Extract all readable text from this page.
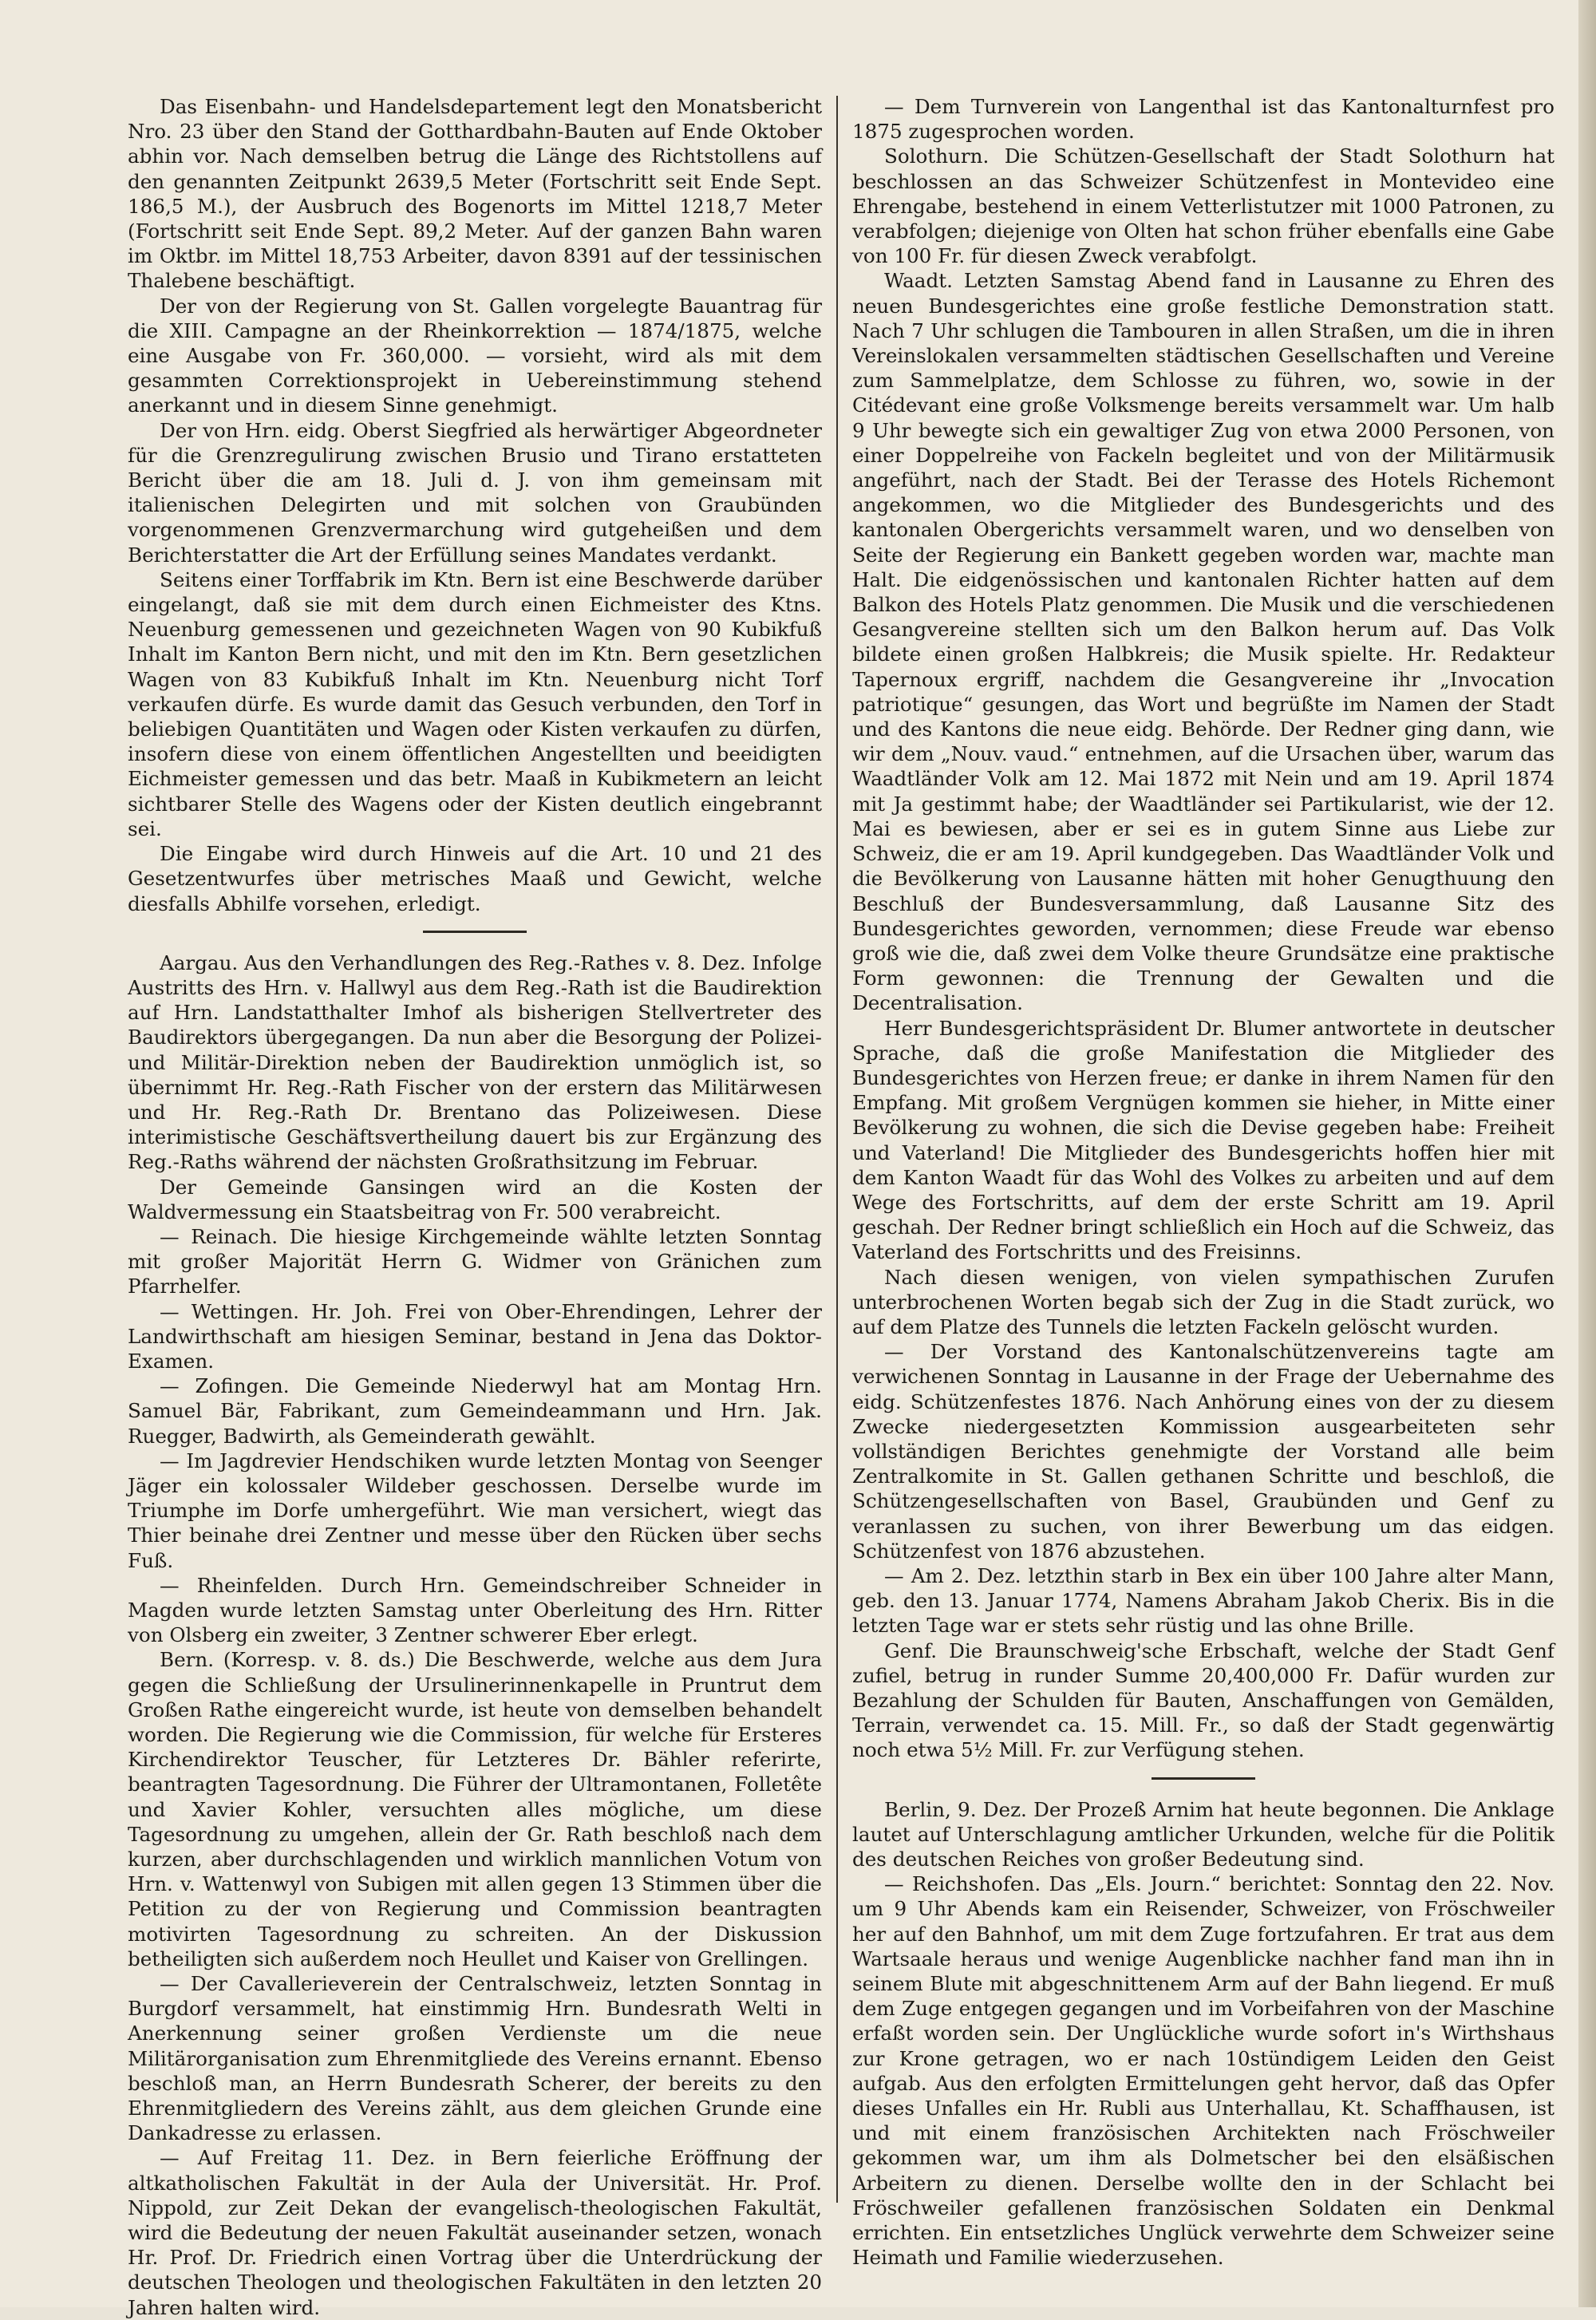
Das Eisenbahn- und Handelsdepartement legt den Monatsbericht Nro. 23 über den Stand der Gotthardbahn-Bauten auf Ende Oktober abhin vor. Nach demselben betrug die Länge des Richtstollens auf den genannten Zeitpunkt 2639,5 Meter (Fortschritt seit Ende Sept. 186,5 M.), der Ausbruch des Bogenorts im Mittel 1218,7 Meter (Fortschritt seit Ende Sept. 89,2 Meter. Auf der ganzen Bahn waren im Oktbr. im Mittel 18,753 Arbeiter, davon 8391 auf der tessinischen Thalebene beschäftigt.

Der von der Regierung von St. Gallen vorgelegte Bauantrag für die XIII. Campagne an der Rheinkorrektion — 1874/1875, welche eine Ausgabe von Fr. 360,000. — vorsieht, wird als mit dem gesammten Correktionsprojekt in Uebereinstimmung stehend anerkannt und in diesem Sinne genehmigt.

Der von Hrn. eidg. Oberst Siegfried als herwärtiger Abgeordneter für die Grenzregulirung zwischen Brusio und Tirano erstatteten Bericht über die am 18. Juli d. J. von ihm gemeinsam mit italienischen Delegirten und mit solchen von Graubünden vorgenommenen Grenzvermarchung wird gutgeheißen und dem Berichterstatter die Art der Erfüllung seines Mandates verdankt.

Seitens einer Torffabrik im Ktn. Bern ist eine Beschwerde darüber eingelangt, daß sie mit dem durch einen Eichmeister des Ktns. Neuenburg gemessenen und gezeichneten Wagen von 90 Kubikfuß Inhalt im Kanton Bern nicht, und mit den im Ktn. Bern gesetzlichen Wagen von 83 Kubikfuß Inhalt im Ktn. Neuenburg nicht Torf verkaufen dürfe. Es wurde damit das Gesuch verbunden, den Torf in beliebigen Quantitäten und Wagen oder Kisten verkaufen zu dürfen, insofern diese von einem öffentlichen Angestellten und beeidigten Eichmeister gemessen und das betr. Maaß in Kubikmetern an leicht sichtbarer Stelle des Wagens oder der Kisten deutlich eingebrannt sei.

Die Eingabe wird durch Hinweis auf die Art. 10 und 21 des Gesetzentwurfes über metrisches Maaß und Gewicht, welche diesfalls Abhilfe vorsehen, erledigt.

Aargau. Aus den Verhandlungen des Reg.-Rathes v. 8. Dez. Infolge Austritts des Hrn. v. Hallwyl aus dem Reg.-Rath ist die Baudirektion auf Hrn. Landstatthalter Imhof als bisherigen Stellvertreter des Baudirektors übergegangen. Da nun aber die Besorgung der Polizei- und Militär-Direktion neben der Baudirektion unmöglich ist, so übernimmt Hr. Reg.-Rath Fischer von der erstern das Militärwesen und Hr. Reg.-Rath Dr. Brentano das Polizeiwesen. Diese interimistische Geschäftsvertheilung dauert bis zur Ergänzung des Reg.-Raths während der nächsten Großrathsitzung im Februar.

Der Gemeinde Gansingen wird an die Kosten der Waldvermessung ein Staatsbeitrag von Fr. 500 verabreicht.

— Reinach. Die hiesige Kirchgemeinde wählte letzten Sonntag mit großer Majorität Herrn G. Widmer von Gränichen zum Pfarrhelfer.

— Wettingen. Hr. Joh. Frei von Ober-Ehrendingen, Lehrer der Landwirthschaft am hiesigen Seminar, bestand in Jena das Doktor-Examen.

— Zofingen. Die Gemeinde Niederwyl hat am Montag Hrn. Samuel Bär, Fabrikant, zum Gemeindeammann und Hrn. Jak. Ruegger, Badwirth, als Gemeinderath gewählt.

— Im Jagdrevier Hendschiken wurde letzten Montag von Seenger Jäger ein kolossaler Wildeber geschossen. Derselbe wurde im Triumphe im Dorfe umhergeführt. Wie man versichert, wiegt das Thier beinahe drei Zentner und messe über den Rücken über sechs Fuß.

— Rheinfelden. Durch Hrn. Gemeindschreiber Schneider in Magden wurde letzten Samstag unter Oberleitung des Hrn. Ritter von Olsberg ein zweiter, 3 Zentner schwerer Eber erlegt.

Bern. (Korresp. v. 8. ds.) Die Beschwerde, welche aus dem Jura gegen die Schließung der Ursulinerinnenkapelle in Pruntrut dem Großen Rathe eingereicht wurde, ist heute von demselben behandelt worden. Die Regierung wie die Commission, für welche für Ersteres Kirchendirektor Teuscher, für Letzteres Dr. Bähler referirte, beantragten Tagesordnung. Die Führer der Ultramontanen, Folletête und Xavier Kohler, versuchten alles mögliche, um diese Tagesordnung zu umgehen, allein der Gr. Rath beschloß nach dem kurzen, aber durchschlagenden und wirklich mannlichen Votum von Hrn. v. Wattenwyl von Subigen mit allen gegen 13 Stimmen über die Petition zu der von Regierung und Commission beantragten motivirten Tagesordnung zu schreiten. An der Diskussion betheiligten sich außerdem noch Heullet und Kaiser von Grellingen.

— Der Cavallerieverein der Centralschweiz, letzten Sonntag in Burgdorf versammelt, hat einstimmig Hrn. Bundesrath Welti in Anerkennung seiner großen Verdienste um die neue Militärorganisation zum Ehrenmitgliede des Vereins ernannt. Ebenso beschloß man, an Herrn Bundesrath Scherer, der bereits zu den Ehrenmitgliedern des Vereins zählt, aus dem gleichen Grunde eine Dankadresse zu erlassen.

— Auf Freitag 11. Dez. in Bern feierliche Eröffnung der altkatholischen Fakultät in der Aula der Universität. Hr. Prof. Nippold, zur Zeit Dekan der evangelisch-theologischen Fakultät, wird die Bedeutung der neuen Fakultät auseinander setzen, wonach Hr. Prof. Dr. Friedrich einen Vortrag über die Unterdrückung der deutschen Theologen und theologischen Fakultäten in den letzten 20 Jahren halten wird.

— Dem Turnverein von Langenthal ist das Kantonalturnfest pro 1875 zugesprochen worden.

Solothurn. Die Schützen-Gesellschaft der Stadt Solothurn hat beschlossen an das Schweizer Schützenfest in Montevideo eine Ehrengabe, bestehend in einem Vetterlistutzer mit 1000 Patronen, zu verabfolgen; diejenige von Olten hat schon früher ebenfalls eine Gabe von 100 Fr. für diesen Zweck verabfolgt.

Waadt. Letzten Samstag Abend fand in Lausanne zu Ehren des neuen Bundesgerichtes eine große festliche Demonstration statt. Nach 7 Uhr schlugen die Tambouren in allen Straßen, um die in ihren Vereinslokalen versammelten städtischen Gesellschaften und Vereine zum Sammelplatze, dem Schlosse zu führen, wo, sowie in der Citédevant eine große Volksmenge bereits versammelt war. Um halb 9 Uhr bewegte sich ein gewaltiger Zug von etwa 2000 Personen, von einer Doppelreihe von Fackeln begleitet und von der Militärmusik angeführt, nach der Stadt. Bei der Terasse des Hotels Richemont angekommen, wo die Mitglieder des Bundesgerichts und des kantonalen Obergerichts versammelt waren, und wo denselben von Seite der Regierung ein Bankett gegeben worden war, machte man Halt. Die eidgenössischen und kantonalen Richter hatten auf dem Balkon des Hotels Platz genommen. Die Musik und die verschiedenen Gesangvereine stellten sich um den Balkon herum auf. Das Volk bildete einen großen Halbkreis; die Musik spielte. Hr. Redakteur Tapernoux ergriff, nachdem die Gesangvereine ihr „Invocation patriotique“ gesungen, das Wort und begrüßte im Namen der Stadt und des Kantons die neue eidg. Behörde. Der Redner ging dann, wie wir dem „Nouv. vaud.“ entnehmen, auf die Ursachen über, warum das Waadtländer Volk am 12. Mai 1872 mit Nein und am 19. April 1874 mit Ja gestimmt habe; der Waadtländer sei Partikularist, wie der 12. Mai es bewiesen, aber er sei es in gutem Sinne aus Liebe zur Schweiz, die er am 19. April kundgegeben. Das Waadtländer Volk und die Bevölkerung von Lausanne hätten mit hoher Genugthuung den Beschluß der Bundesversammlung, daß Lausanne Sitz des Bundesgerichtes geworden, vernommen; diese Freude war ebenso groß wie die, daß zwei dem Volke theure Grundsätze eine praktische Form gewonnen: die Trennung der Gewalten und die Decentralisation.

Herr Bundesgerichtspräsident Dr. Blumer antwortete in deutscher Sprache, daß die große Manifestation die Mitglieder des Bundesgerichtes von Herzen freue; er danke in ihrem Namen für den Empfang. Mit großem Vergnügen kommen sie hieher, in Mitte einer Bevölkerung zu wohnen, die sich die Devise gegeben habe: Freiheit und Vaterland! Die Mitglieder des Bundesgerichts hoffen hier mit dem Kanton Waadt für das Wohl des Volkes zu arbeiten und auf dem Wege des Fortschritts, auf dem der erste Schritt am 19. April geschah. Der Redner bringt schließlich ein Hoch auf die Schweiz, das Vaterland des Fortschritts und des Freisinns.

Nach diesen wenigen, von vielen sympathischen Zurufen unterbrochenen Worten begab sich der Zug in die Stadt zurück, wo auf dem Platze des Tunnels die letzten Fackeln gelöscht wurden.

— Der Vorstand des Kantonalschützenvereins tagte am verwichenen Sonntag in Lausanne in der Frage der Uebernahme des eidg. Schützenfestes 1876. Nach Anhörung eines von der zu diesem Zwecke niedergesetzten Kommission ausgearbeiteten sehr vollständigen Berichtes genehmigte der Vorstand alle beim Zentralkomite in St. Gallen gethanen Schritte und beschloß, die Schützengesellschaften von Basel, Graubünden und Genf zu veranlassen zu suchen, von ihrer Bewerbung um das eidgen. Schützenfest von 1876 abzustehen.

— Am 2. Dez. letzthin starb in Bex ein über 100 Jahre alter Mann, geb. den 13. Januar 1774, Namens Abraham Jakob Cherix. Bis in die letzten Tage war er stets sehr rüstig und las ohne Brille.

Genf. Die Braunschweig'sche Erbschaft, welche der Stadt Genf zufiel, betrug in runder Summe 20,400,000 Fr. Dafür wurden zur Bezahlung der Schulden für Bauten, Anschaffungen von Gemälden, Terrain, verwendet ca. 15. Mill. Fr., so daß der Stadt gegenwärtig noch etwa 5½ Mill. Fr. zur Verfügung stehen.

Berlin, 9. Dez. Der Prozeß Arnim hat heute begonnen. Die Anklage lautet auf Unterschlagung amtlicher Urkunden, welche für die Politik des deutschen Reiches von großer Bedeutung sind.

— Reichshofen. Das „Els. Journ.“ berichtet: Sonntag den 22. Nov. um 9 Uhr Abends kam ein Reisender, Schweizer, von Fröschweiler her auf den Bahnhof, um mit dem Zuge fortzufahren. Er trat aus dem Wartsaale heraus und wenige Augenblicke nachher fand man ihn in seinem Blute mit abgeschnittenem Arm auf der Bahn liegend. Er muß dem Zuge entgegen gegangen und im Vorbeifahren von der Maschine erfaßt worden sein. Der Unglückliche wurde sofort in's Wirthshaus zur Krone getragen, wo er nach 10stündigem Leiden den Geist aufgab. Aus den erfolgten Ermittelungen geht hervor, daß das Opfer dieses Unfalles ein Hr. Rubli aus Unterhallau, Kt. Schaffhausen, ist und mit einem französischen Architekten nach Fröschweiler gekommen war, um ihm als Dolmetscher bei den elsäßischen Arbeitern zu dienen. Derselbe wollte den in der Schlacht bei Fröschweiler gefallenen französischen Soldaten ein Denkmal errichten. Ein entsetzliches Unglück verwehrte dem Schweizer seine Heimath und Familie wiederzusehen.
